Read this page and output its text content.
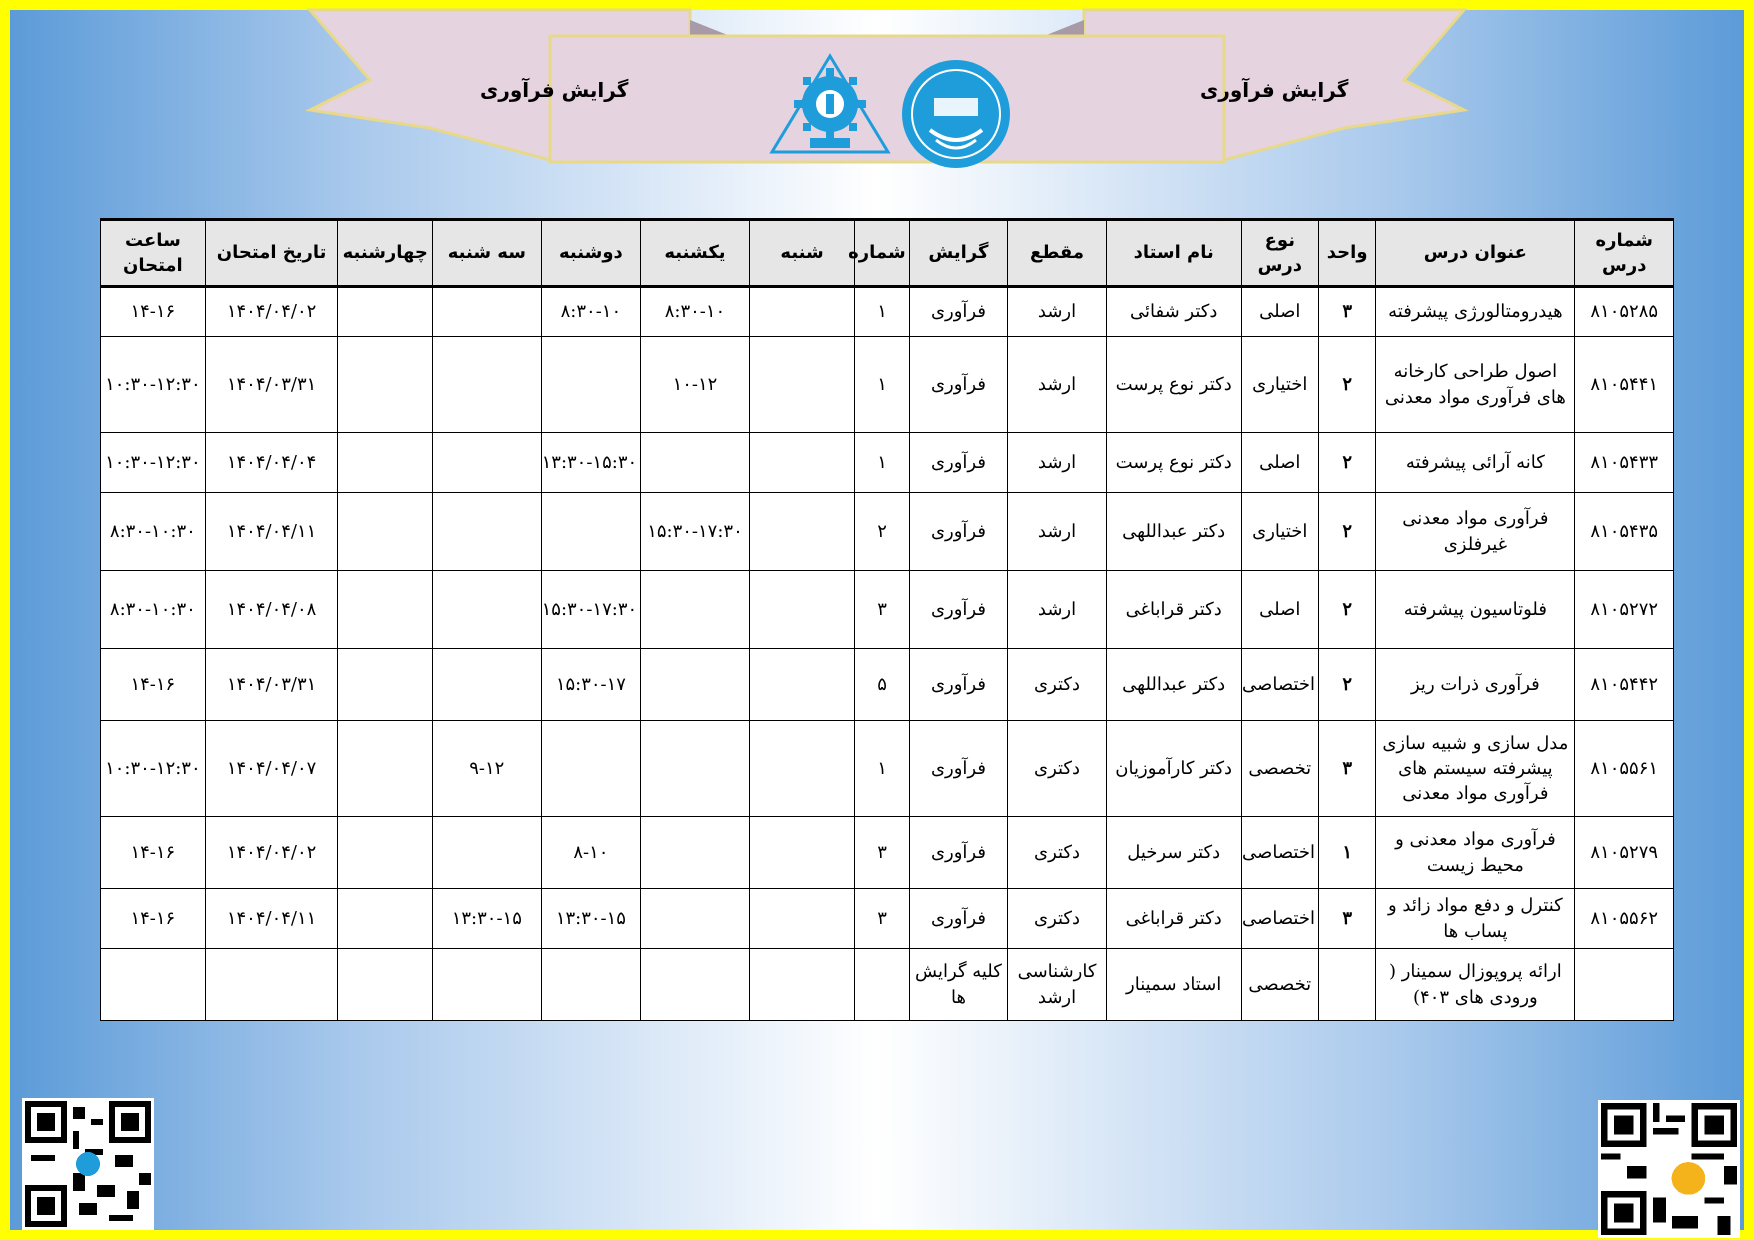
گرایش فرآوری	گرایش فرآوری
شماره درس	عنوان درس	واحد	نوع درس	نام استاد	مقطع	گرایش	شماره	شنبه	یکشنبه	دوشنبه	سه شنبه	چهارشنبه	تاریخ امتحان	ساعت امتحان
۸۱۰۵۲۸۵	هیدرومتالورژی پیشرفته	۳	اصلی	دکتر شفائی	ارشد	فرآوری	۱		۸:۳۰-۱۰	۸:۳۰-۱۰			۱۴۰۴/۰۴/۰۲	۱۴-۱۶
۸۱۰۵۴۴۱	اصول طراحی کارخانه های فرآوری مواد معدنی	۲	اختیاری	دکتر نوع پرست	ارشد	فرآوری	۱		۱۰-۱۲				۱۴۰۴/۰۳/۳۱	۱۰:۳۰-۱۲:۳۰
۸۱۰۵۴۳۳	کانه آرائی پیشرفته	۲	اصلی	دکتر نوع پرست	ارشد	فرآوری	۱			۱۳:۳۰-۱۵:۳۰			۱۴۰۴/۰۴/۰۴	۱۰:۳۰-۱۲:۳۰
۸۱۰۵۴۳۵	فرآوری مواد معدنی غیرفلزی	۲	اختیاری	دکتر عبداللهی	ارشد	فرآوری	۲		۱۵:۳۰-۱۷:۳۰				۱۴۰۴/۰۴/۱۱	۸:۳۰-۱۰:۳۰
۸۱۰۵۲۷۲	فلوتاسیون پیشرفته	۲	اصلی	دکتر قراباغی	ارشد	فرآوری	۳			۱۵:۳۰-۱۷:۳۰			۱۴۰۴/۰۴/۰۸	۸:۳۰-۱۰:۳۰
۸۱۰۵۴۴۲	فرآوری ذرات ریز	۲	اختصاصی	دکتر عبداللهی	دکتری	فرآوری	۵			۱۵:۳۰-۱۷			۱۴۰۴/۰۳/۳۱	۱۴-۱۶
۸۱۰۵۵۶۱	مدل سازی و شبیه سازی پیشرفته سیستم های فرآوری مواد معدنی	۳	تخصصی	دکتر کارآموزیان	دکتری	فرآوری	۱				۹-۱۲		۱۴۰۴/۰۴/۰۷	۱۰:۳۰-۱۲:۳۰
۸۱۰۵۲۷۹	فرآوری مواد معدنی و محیط زیست	۱	اختصاصی	دکتر سرخیل	دکتری	فرآوری	۳			۸-۱۰			۱۴۰۴/۰۴/۰۲	۱۴-۱۶
۸۱۰۵۵۶۲	کنترل و دفع مواد زائد و پساب ها	۳	اختصاصی	دکتر قراباغی	دکتری	فرآوری	۳			۱۳:۳۰-۱۵	۱۳:۳۰-۱۵		۱۴۰۴/۰۴/۱۱	۱۴-۱۶
	ارائه پروپوزال سمینار ( ورودی های ۴۰۳)		تخصصی	استاد سمینار	کارشناسی ارشد	کلیه گرایش ها								
